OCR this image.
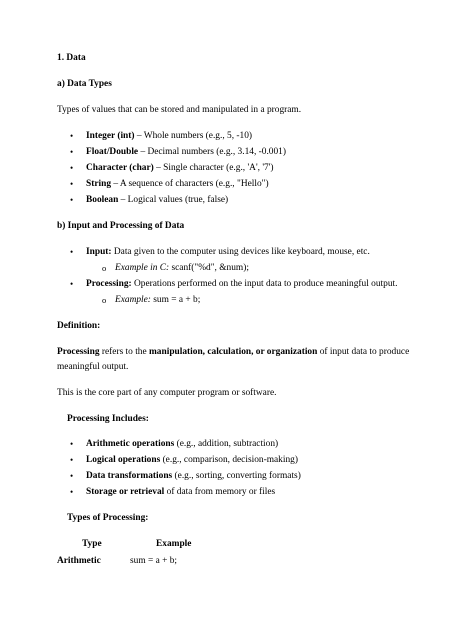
1. Data
a) Data Types
Types of values that can be stored and manipulated in a program.
• Integer (int) – Whole numbers (e.g., 5, -10)
• Float/Double – Decimal numbers (e.g., 3.14, -0.001)
• Character (char) – Single character (e.g., 'A', '7')
• String – A sequence of characters (e.g., "Hello")
• Boolean – Logical values (true, false)
b) Input and Processing of Data
• Input: Data given to the computer using devices like keyboard, mouse, etc.
o Example in C: scanf("%d", &num);
• Processing: Operations performed on the input data to produce meaningful output.
o Example: sum = a + b;
Definition:
Processing refers to the manipulation, calculation, or organization of input data to produce
meaningful output.
This is the core part of any computer program or software.
Processing Includes:
• Arithmetic operations (e.g., addition, subtraction)
• Logical operations (e.g., comparison, decision-making)
• Data transformations (e.g., sorting, converting formats)
• Storage or retrieval of data from memory or files
Types of Processing:
Type	Example
Arithmetic	sum = a + b;
